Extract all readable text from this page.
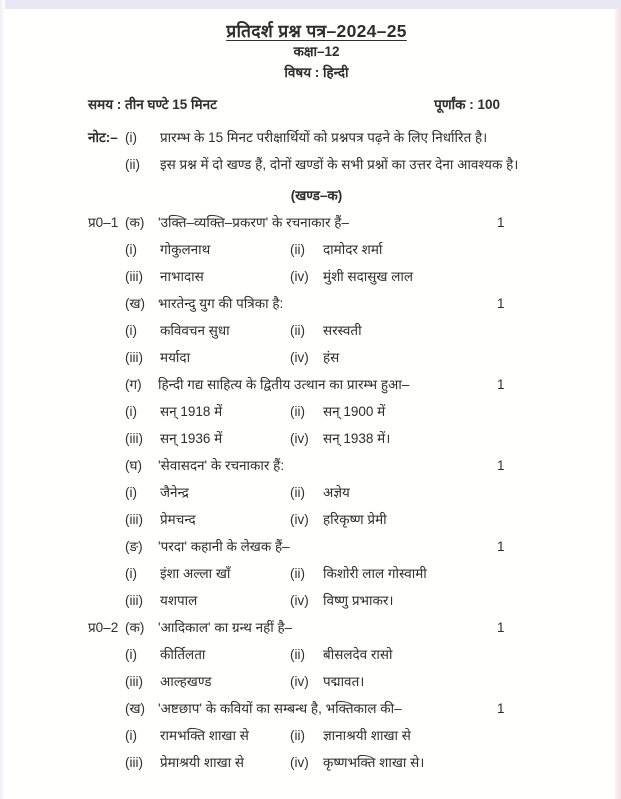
प्रतिदर्श प्रश्न पत्र–2024–25
कक्षा–12
विषय : हिन्दी
समय : तीन घण्टे 15 मिनट	पूर्णांक : 100
नोट:– (i)	प्रारम्भ के 15 मिनट परीक्षार्थियों को प्रश्नपत्र पढ़ने के लिए निर्धारित है।
(ii)	इस प्रश्न में दो खण्ड हैं, दोनों खण्डों के सभी प्रश्नों का उत्तर देना आवश्यक है।
(खण्ड–क)
प्र0–1 (क)	'उक्ति–व्यक्ति–प्रकरण' के रचनाकार हैं–	1
(i)	गोकुलनाथ	(ii)	दामोदर शर्मा
(iii)	नाभादास	(iv)	मुंशी सदासुख लाल
(ख) भारतेन्दु युग की पत्रिका है:	1
(i)	कविवचन सुधा	(ii)	सरस्वती
(iii)	मर्यादा	(iv)	हंस
(ग)	हिन्दी गद्य साहित्य के द्वितीय उत्थान का प्रारम्भ हुआ–	1
(i)	सन् 1918 में	(ii)	सन् 1900 में
(iii)	सन् 1936 में	(iv)	सन् 1938 में।
(घ)	'सेवासदन' के रचनाकार हैं:	1
(i)	जैनेन्द्र	(ii)	अज्ञेय
(iii)	प्रेमचन्द	(iv)	हरिकृष्ण प्रेमी
(ङ)	'परदा' कहानी के लेखक हैं–	1
(i)	इंशा अल्ला खाँ	(ii)	किशोरी लाल गोस्वामी
(iii)	यशपाल	(iv)	विष्णु प्रभाकर।
प्र0–2 (क)	'आदिकाल' का ग्रन्थ नहीं है–	1
(i)	कीर्तिलता	(ii)	बीसलदेव रासो
(iii)	आल्हखण्ड	(iv)	पद्मावत।
(ख) 'अष्टछाप' के कवियों का सम्बन्ध है, भक्तिकाल की–	1
(i)	रामभक्ति शाखा से	(ii)	ज्ञानाश्रयी शाखा से
(iii)	प्रेमाश्रयी शाखा से	(iv)	कृष्णभक्ति शाखा से।
